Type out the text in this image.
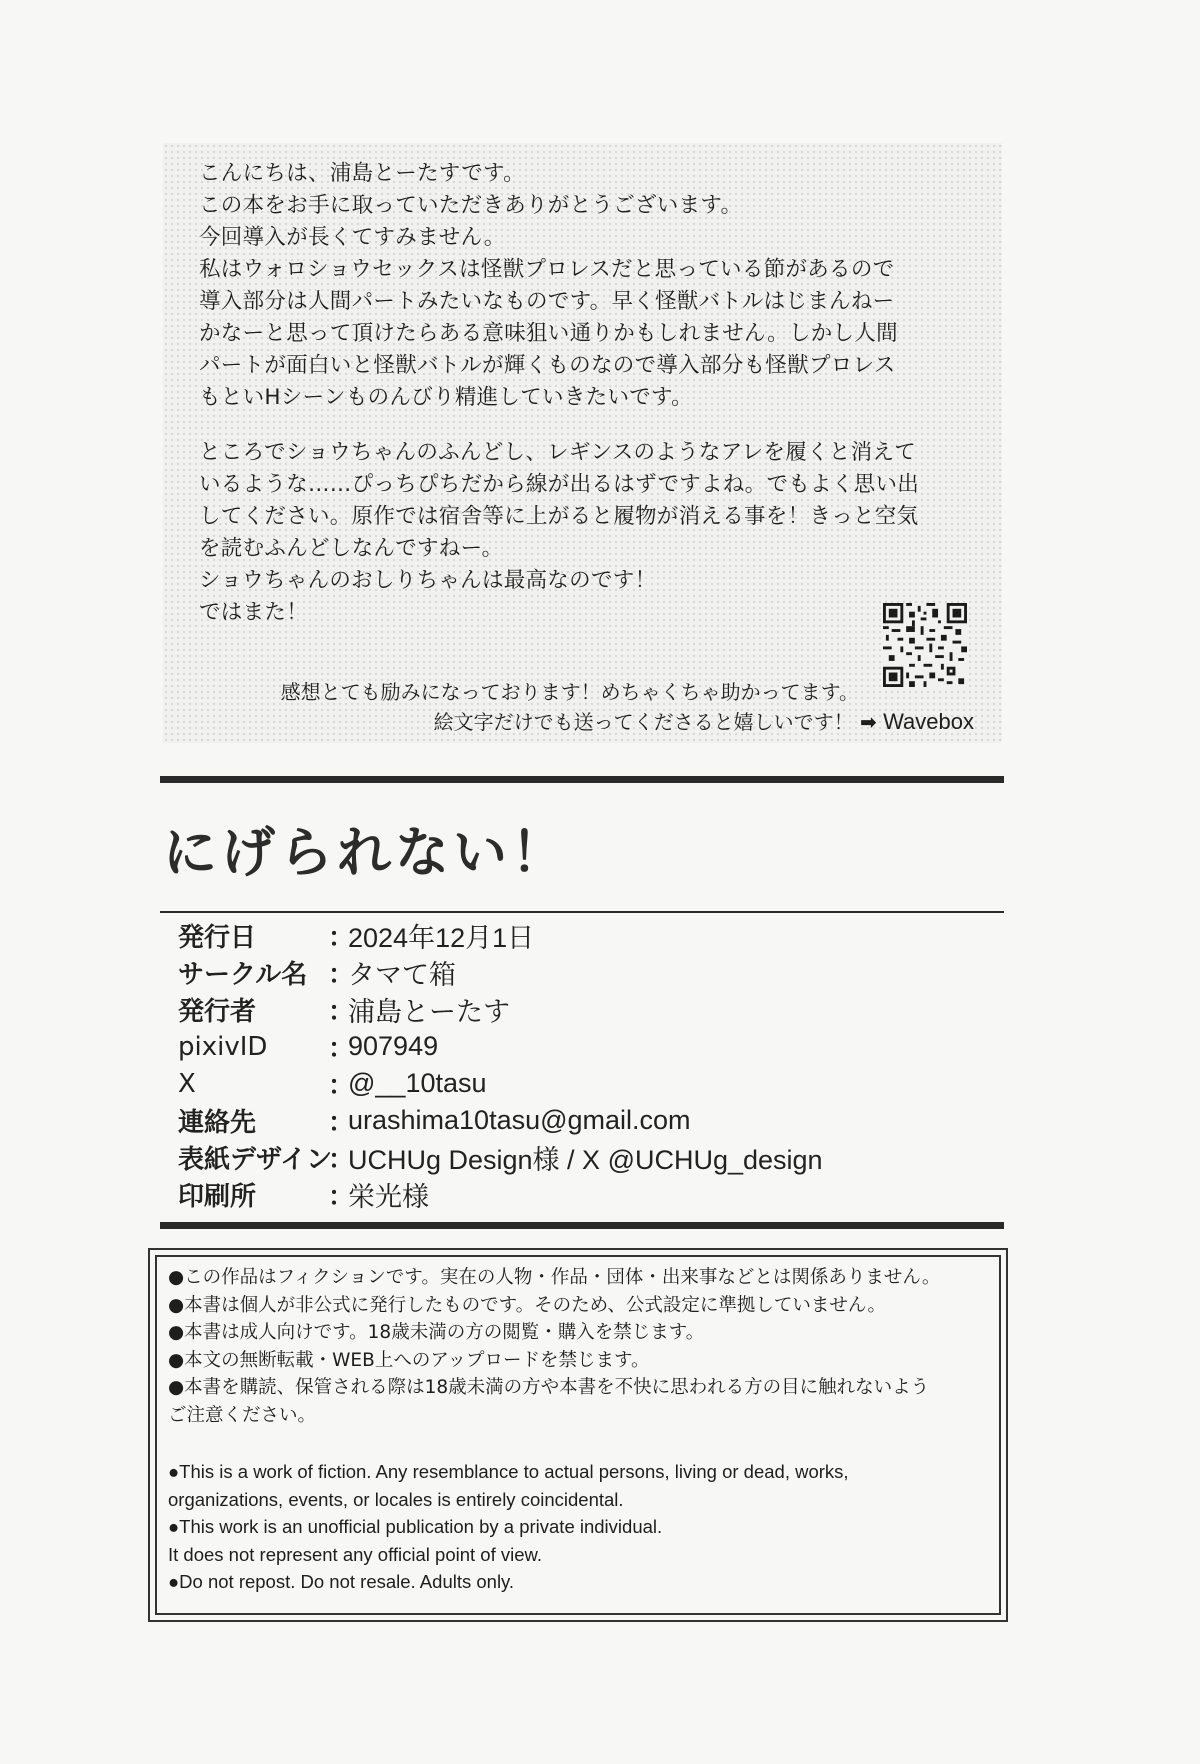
こんにちは、浦島とーたすです。
この本をお手に取っていただきありがとうございます。
今回導入が長くてすみません。
私はウォロショウセックスは怪獣プロレスだと思っている節があるので
導入部分は人間パートみたいなものです。早く怪獣バトルはじまんねー
かなーと思って頂けたらある意味狙い通りかもしれません。しかし人間
パートが面白いと怪獣バトルが輝くものなので導入部分も怪獣プロレス
もといHシーンものんびり精進していきたいです。

ところでショウちゃんのふんどし、レギンスのようなアレを履くと消えて
いるような……ぴっちぴちだから線が出るはずですよね。でもよく思い出
してください。原作では宿舎等に上がると履物が消える事を！きっと空気
を読むふんどしなんですねー。
ショウちゃんのおしりちゃんは最高なのです！
ではまた！

感想とても励みになっております！めちゃくちゃ助かってます。
絵文字だけでも送ってくださると嬉しいです！ ➡ Wavebox
にげられない！
発行日	：
2024年12月1日
サークル名 ：
タマて箱
発行者	：
浦島とーたす
pixivID	：
907949
X	：
@__10tasu
連絡先	：
urashima10tasu@gmail.com
表紙デザイン
：
UCHUg Design様 / X @UCHUg_design
印刷所	：
栄光様

●この作品はフィクションです。実在の人物・作品・団体・出来事などとは関係ありません。
●本書は個人が非公式に発行したものです。そのため、公式設定に準拠していません。
●本書は成人向けです。18歳未満の方の閲覧・購入を禁じます。
●本文の無断転載・WEB上へのアップロードを禁じます。
●本書を購読、保管される際は18歳未満の方や本書を不快に思われる方の目に触れないよう
ご注意ください。

●This is a work of fiction. Any resemblance to actual persons, living or dead, works,
organizations, events, or locales is entirely coincidental.
●This work is an unofficial publication by a private individual.
It does not represent any official point of view.
●Do not repost. Do not resale. Adults only.
